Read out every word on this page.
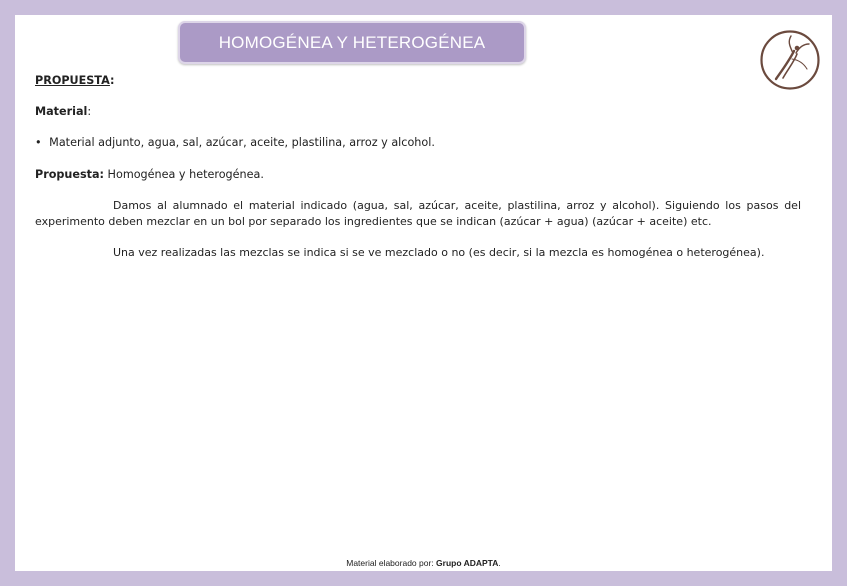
HOMOGÉNEA Y HETEROGÉNEA
PROPUESTA:
Material:
• Material adjunto, agua, sal, azúcar, aceite, plastilina, arroz y alcohol.
Propuesta: Homogénea y heterogénea.
Damos al alumnado el material indicado (agua, sal, azúcar, aceite, plastilina, arroz y alcohol). Siguiendo los pasos del experimento deben mezclar en un bol por separado los ingredientes que se indican (azúcar + agua) (azúcar + aceite) etc.
Una vez realizadas las mezclas se indica si se ve mezclado o no (es decir, si la mezcla es homogénea o heterogénea).
Material elaborado por: Grupo ADAPTA.
